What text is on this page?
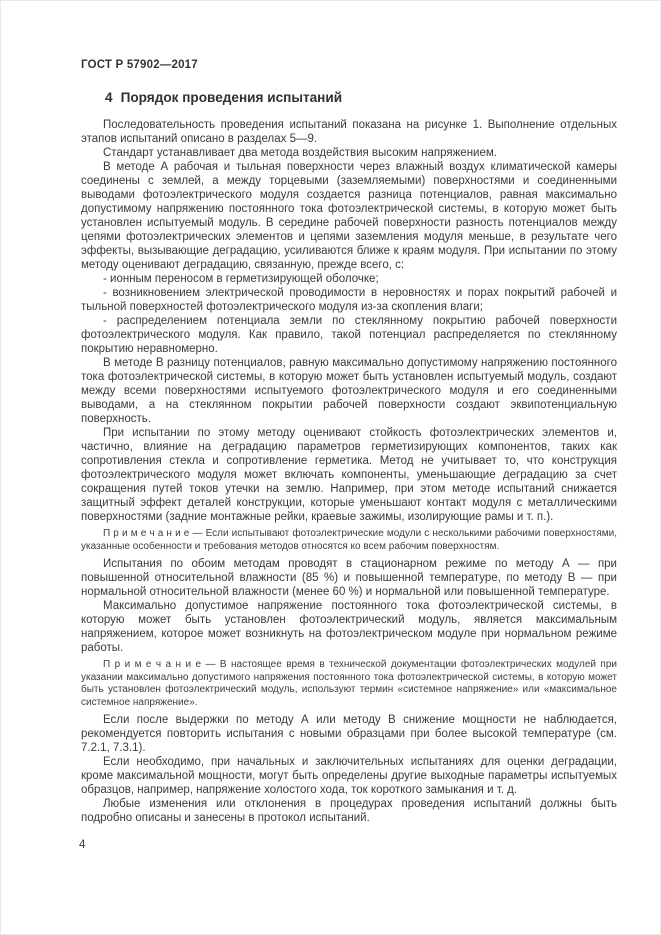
ГОСТ Р 57902—2017
4 Порядок проведения испытаний

Последовательность проведения испытаний показана на рисунке 1. Выполнение отдельных этапов испытаний описано в разделах 5—9.

Стандарт устанавливает два метода воздействия высоким напряжением.

В методе А рабочая и тыльная поверхности через влажный воздух климатической камеры соединены с землей, а между торцевыми (заземляемыми) поверхностями и соединенными выводами фотоэлектрического модуля создается разница потенциалов, равная максимально допустимому напряжению постоянного тока фотоэлектрической системы, в которую может быть установлен испытуемый модуль. В середине рабочей поверхности разность потенциалов между цепями фотоэлектрических элементов и цепями заземления модуля меньше, в результате чего эффекты, вызывающие деградацию, усиливаются ближе к краям модуля. При испытании по этому методу оценивают деградацию, связанную, прежде всего, с:

- ионным переносом в герметизирующей оболочке;

- возникновением электрической проводимости в неровностях и порах покрытий рабочей и тыльной поверхностей фотоэлектрического модуля из-за скопления влаги;

- распределением потенциала земли по стеклянному покрытию рабочей поверхности фотоэлектрического модуля. Как правило, такой потенциал распределяется по стеклянному покрытию неравномерно.

В методе В разницу потенциалов, равную максимально допустимому напряжению постоянного тока фотоэлектрической системы, в которую может быть установлен испытуемый модуль, создают между всеми поверхностями испытуемого фотоэлектрического модуля и его соединенными выводами, а на стеклянном покрытии рабочей поверхности создают эквипотенциальную поверхность.

При испытании по этому методу оценивают стойкость фотоэлектрических элементов и, частично, влияние на деградацию параметров герметизирующих компонентов, таких как сопротивления стекла и сопротивление герметика. Метод не учитывает то, что конструкция фотоэлектрического модуля может включать компоненты, уменьшающие деградацию за счет сокращения путей токов утечки на землю. Например, при этом методе испытаний снижается защитный эффект деталей конструкции, которые уменьшают контакт модуля с металлическими поверхностями (задние монтажные рейки, краевые зажимы, изолирующие рамы и т. п.).

П р и м е ч а н и е — Если испытывают фотоэлектрические модули с несколькими рабочими поверхностями, указанные особенности и требования методов относятся ко всем рабочим поверхностям.

Испытания по обоим методам проводят в стационарном режиме по методу А — при повышенной относительной влажности (85 %) и повышенной температуре, по методу В — при нормальной относительной влажности (менее 60 %) и нормальной или повышенной температуре.

Максимально допустимое напряжение постоянного тока фотоэлектрической системы, в которую может быть установлен фотоэлектрический модуль, является максимальным напряжением, которое может возникнуть на фотоэлектрическом модуле при нормальном режиме работы.

П р и м е ч а н и е — В настоящее время в технической документации фотоэлектрических модулей при указании максимально допустимого напряжения постоянного тока фотоэлектрической системы, в которую может быть установлен фотоэлектрический модуль, используют термин «системное напряжение» или «максимальное системное напряжение».

Если после выдержки по методу А или методу В снижение мощности не наблюдается, рекомендуется повторить испытания с новыми образцами при более высокой температуре (см. 7.2.1, 7.3.1).

Если необходимо, при начальных и заключительных испытаниях для оценки деградации, кроме максимальной мощности, могут быть определены другие выходные параметры испытуемых образцов, например, напряжение холостого хода, ток короткого замыкания и т. д.

Любые изменения или отклонения в процедурах проведения испытаний должны быть подробно описаны и занесены в протокол испытаний.

4
